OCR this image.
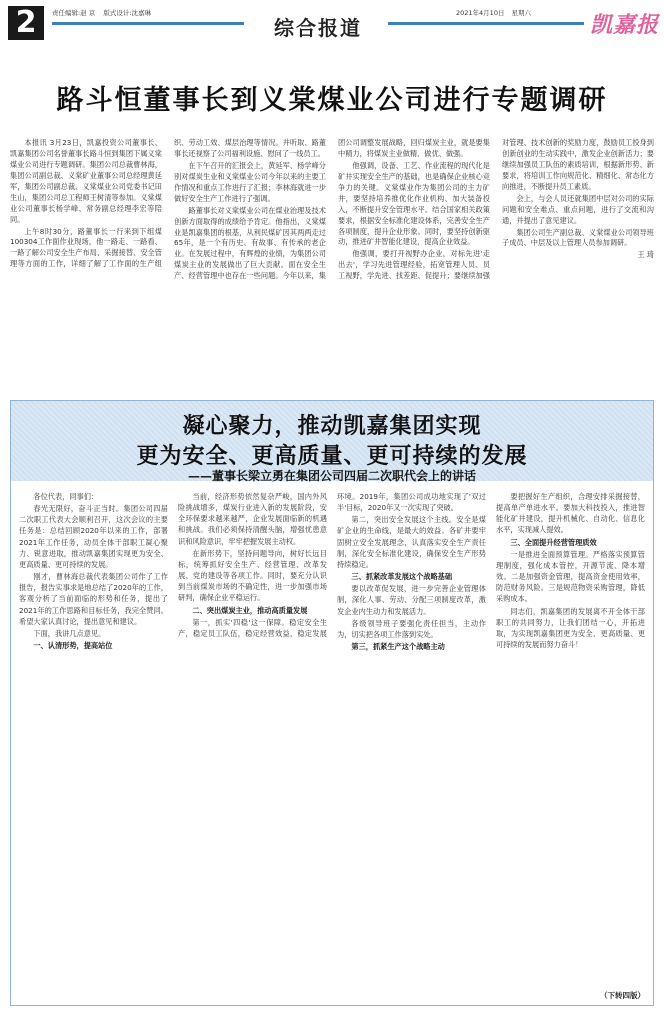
2	责任编辑:赵 京 版式设计:沈嘉琳
综合报道
2021年4月10日 星期六	凯嘉报
路斗恒董事长到义棠煤业公司进行专题调研

本报讯 3月23日，凯嘉投资公司董事长、凯嘉集团公司名誉董事长路斗恒到集团下属义棠煤业公司进行专题调研。集团公司总裁曹林海，集团公司副总裁、义棠矿业董事公司总经理黄延军，集团公司副总裁、义棠煤业公司党委书记田生山，集团公司总工程师王树清等参加。义棠煤业公司董事长杨学峰、常务副总经理李宏等陪同。

上午8时30分，路董事长一行来到下组煤100304工作面作业现场，他一路走、一路看、一路了解公司安全生产布局、采掘接替、安全管理等方面的工作，详细了解了工作面的生产组织、劳动工效、煤层治理等情况。并听取、路董事长还视察了公司福利设施、慰问了一线员工。

在下午召开的汇报会上，黄延军、杨学峰分别对煤炭生业和义棠煤业公司今年以来的主要工作情况和重点工作进行了汇报；李林海就进一步做好安全生产工作进行了强调。

路董事长对义棠煤业公司在煤业治理及技术创新方面取得的成绩给予肯定。他指出，义棠煤业是凯嘉集团的根基，从利民煤矿因其两两走过65年，是一个有历史、有故事、有传承的老企业。在发展过程中，有辉煌的业绩，为集团公司煤炭主业的发展做出了巨大贡献。面在安全生产、经营管理中也存在一些问题。今年以来，集团公司调整发展战略，回归煤炭主业，就是要集中精力，将煤炭主业做精、做优、做强。

他强调，设备、工艺、作业流程的现代化是矿井实现安全生产的基础，也是确保企业核心竞争力的关键。义棠煤业作为集团公司的主力矿井，要坚持培养推优化作业机构、加大装备投入，不断提升安全管理水平。结合国家相关政策要求，根据安全标准化建设体系，完善安全生产各项制度，提升企业形象。同时，要坚持创新驱动，推进矿井智能化建设，提高企业效益。

他强调，要打开视野办企业，对标先进'走出去'，学习先进管理经验，拓宽管理人员、员工视野，学先进、找差距、促提升；要继续加强对管理、技术创新的奖励力度，鼓励员工投身到创新创业的生动实践中，激发企业创新活力；要继续加强员工队伍的素质培训，根据新形势、新要求，将培训工作向规范化、精细化、常态化方向推进，不断提升员工素质。

会上，与会人员还就集团中层对公司的实际问题和安全难点、重点问题，进行了交流和沟通，并提出了意见建议。

集团公司生产副总裁、义棠煤业公司领导班子成员、中层及以上管理人员参加调研。

王 琦
凝心聚力，推动凯嘉集团实现
更为安全、更高质量、更可持续的发展
——董事长梁立勇在集团公司四届二次职代会上的讲话

各位代表，同事们：

春光无限好，奋斗正当时。集团公司四届二次职工代表大会顺利召开，这次会议的主要任务是：总结回顾2020年以来的工作，部署2021年工作任务，动员全体干部职工凝心聚力、锐意进取，推动凯嘉集团实现更为安全、更高质量、更可持续的发展。

刚才，曹林海总裁代表集团公司作了工作报告，报告实事求是地总结了2020年的工作，客观分析了当前面临的形势和任务，提出了2021年的工作思路和目标任务，我完全赞同。希望大家认真讨论，提出意见和建议。

下面，我讲几点意见。

一、认清形势，提高站位

当前，经济形势依然复杂严峻，国内外风险挑战增多，煤炭行业进入新的发展阶段，安全环保要求越来越严，企业发展面临新的机遇和挑战。我们必须保持清醒头脑，增强忧患意识和风险意识，牢牢把握发展主动权。

在新形势下，坚持问题导向，树好长远目标，统筹抓好安全生产、经营管理、改革发展、党的建设等各项工作。同时，要充分认识到当前煤炭市场的不确定性，进一步加强市场研判，确保企业平稳运行。

二、突出煤炭主业，推动高质量发展

第一，抓实'四稳'这一保障。稳定安全生产，稳定员工队伍，稳定经营效益，稳定发展环境。2019年，集团公司成功地实现了'双过半'目标，2020年又一次实现了突破。

第二，突出安全发展这个主线。安全是煤矿企业的生命线，是最大的效益。各矿井要牢固树立安全发展理念，认真落实安全生产责任制，深化安全标准化建设，确保安全生产形势持续稳定。

三、抓紧改革发展这个战略基础

要以改革促发展，进一步完善企业管理体制，深化人事、劳动、分配三项制度改革，激发企业内生动力和发展活力。

各级领导班子要强化责任担当，主动作为，切实把各项工作落到实处。

第三，抓紧生产这个战略主动

要把握好生产组织，合理安排采掘接替，提高单产单进水平。要加大科技投入，推进智能化矿井建设，提升机械化、自动化、信息化水平，实现减人提效。

三、全面提升经营管理质效

一是推进全面预算管理。严格落实预算管理制度，强化成本管控，开源节流、降本增效。二是加强资金管理，提高资金使用效率，防范财务风险。三是规范物资采购管理，降低采购成本。

同志们，凯嘉集团的发展离不开全体干部职工的共同努力，让我们团结一心，开拓进取，为实现凯嘉集团更为安全、更高质量、更可持续的发展而努力奋斗！

（下转四版）
